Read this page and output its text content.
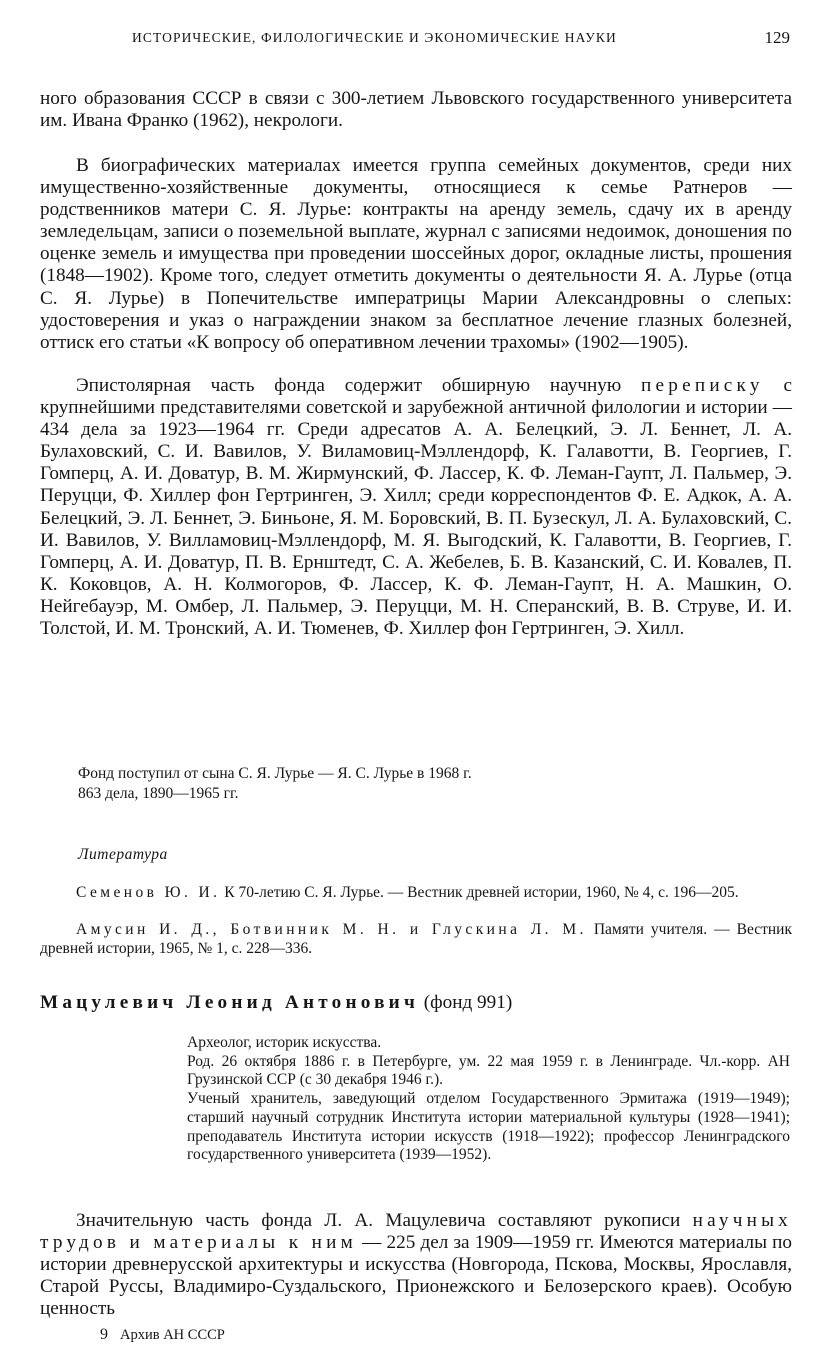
ИСТОРИЧЕСКИЕ, ФИЛОЛОГИЧЕСКИЕ И ЭКОНОМИЧЕСКИЕ НАУКИ	129

ного образования СССР в связи с 300-летием Львовского государственного университета им. Ивана Франко (1962), некрологи.

В биографических материалах имеется группа семейных документов, среди них имущественно-хозяйственные документы, относящиеся к семье Ратнеров — родственников матери С. Я. Лурье: контракты на аренду земель, сдачу их в аренду земледельцам, записи о поземельной выплате, журнал с записями недоимок, доношения по оценке земель и имущества при проведении шоссейных дорог, окладные листы, прошения (1848—1902). Кроме того, следует отметить документы о деятельности Я. А. Лурье (отца С. Я. Лурье) в Попечительстве императрицы Марии Александровны о слепых: удостоверения и указ о награждении знаком за бесплатное лечение глазных болезней, оттиск его статьи «К вопросу об оперативном лечении трахомы» (1902—1905).

Эпистолярная часть фонда содержит обширную научную переписку с крупнейшими представителями советской и зарубежной античной филологии и истории — 434 дела за 1923—1964 гг. Среди адресатов А. А. Белецкий, Э. Л. Беннет, Л. А. Булаховский, С. И. Вавилов, У. Виламовиц-Мэллендорф, К. Галавотти, В. Георгиев, Г. Гомперц, А. И. Доватур, В. М. Жирмунский, Ф. Лассер, К. Ф. Леман-Гаупт, Л. Пальмер, Э. Перуцци, Ф. Хиллер фон Гертринген, Э. Хилл; среди корреспондентов Ф. Е. Адкок, А. А. Белецкий, Э. Л. Беннет, Э. Биньоне, Я. М. Боровский, В. П. Бузескул, Л. А. Булаховский, С. И. Вавилов, У. Вилламовиц-Мэллендорф, М. Я. Выгодский, К. Галавотти, В. Георгиев, Г. Гомперц, А. И. Доватур, П. В. Ернштедт, С. А. Жебелев, Б. В. Казанский, С. И. Ковалев, П. К. Коковцов, А. Н. Колмогоров, Ф. Лассер, К. Ф. Леман-Гаупт, Н. А. Машкин, О. Нейгебауэр, М. Омбер, Л. Пальмер, Э. Перуцци, М. Н. Сперанский, В. В. Струве, И. И. Толстой, И. М. Тронский, А. И. Тюменев, Ф. Хиллер фон Гертринген, Э. Хилл.

Фонд поступил от сына С. Я. Лурье — Я. С. Лурье в 1968 г.
863 дела, 1890—1965 гг.

Литература

Семенов Ю. И. К 70-летию С. Я. Лурье. — Вестник древней истории, 1960, № 4, с. 196—205.

Амусин И. Д., Ботвинник М. Н. и Глускина Л. М. Памяти учителя. — Вестник древней истории, 1965, № 1, с. 228—336.

Мацулевич Леонид Антонович (фонд 991)

Археолог, историк искусства.

Род. 26 октября 1886 г. в Петербурге, ум. 22 мая 1959 г. в Ленинграде. Чл.-корр. АН Грузинской ССР (с 30 декабря 1946 г.).

Ученый хранитель, заведующий отделом Государственного Эрмитажа (1919—1949); старший научный сотрудник Института истории материальной культуры (1928—1941); преподаватель Института истории искусств (1918—1922); профессор Ленинградского государственного университета (1939—1952).

Значительную часть фонда Л. А. Мацулевича составляют рукописи научных трудов и материалы к ним — 225 дел за 1909—1959 гг. Имеются материалы по истории древнерусской архитектуры и искусства (Новгорода, Пскова, Москвы, Ярославля, Старой Руссы, Владимиро-Суздальского, Прионежского и Белозерского краев). Особую ценность

9 Архив АН СССР
